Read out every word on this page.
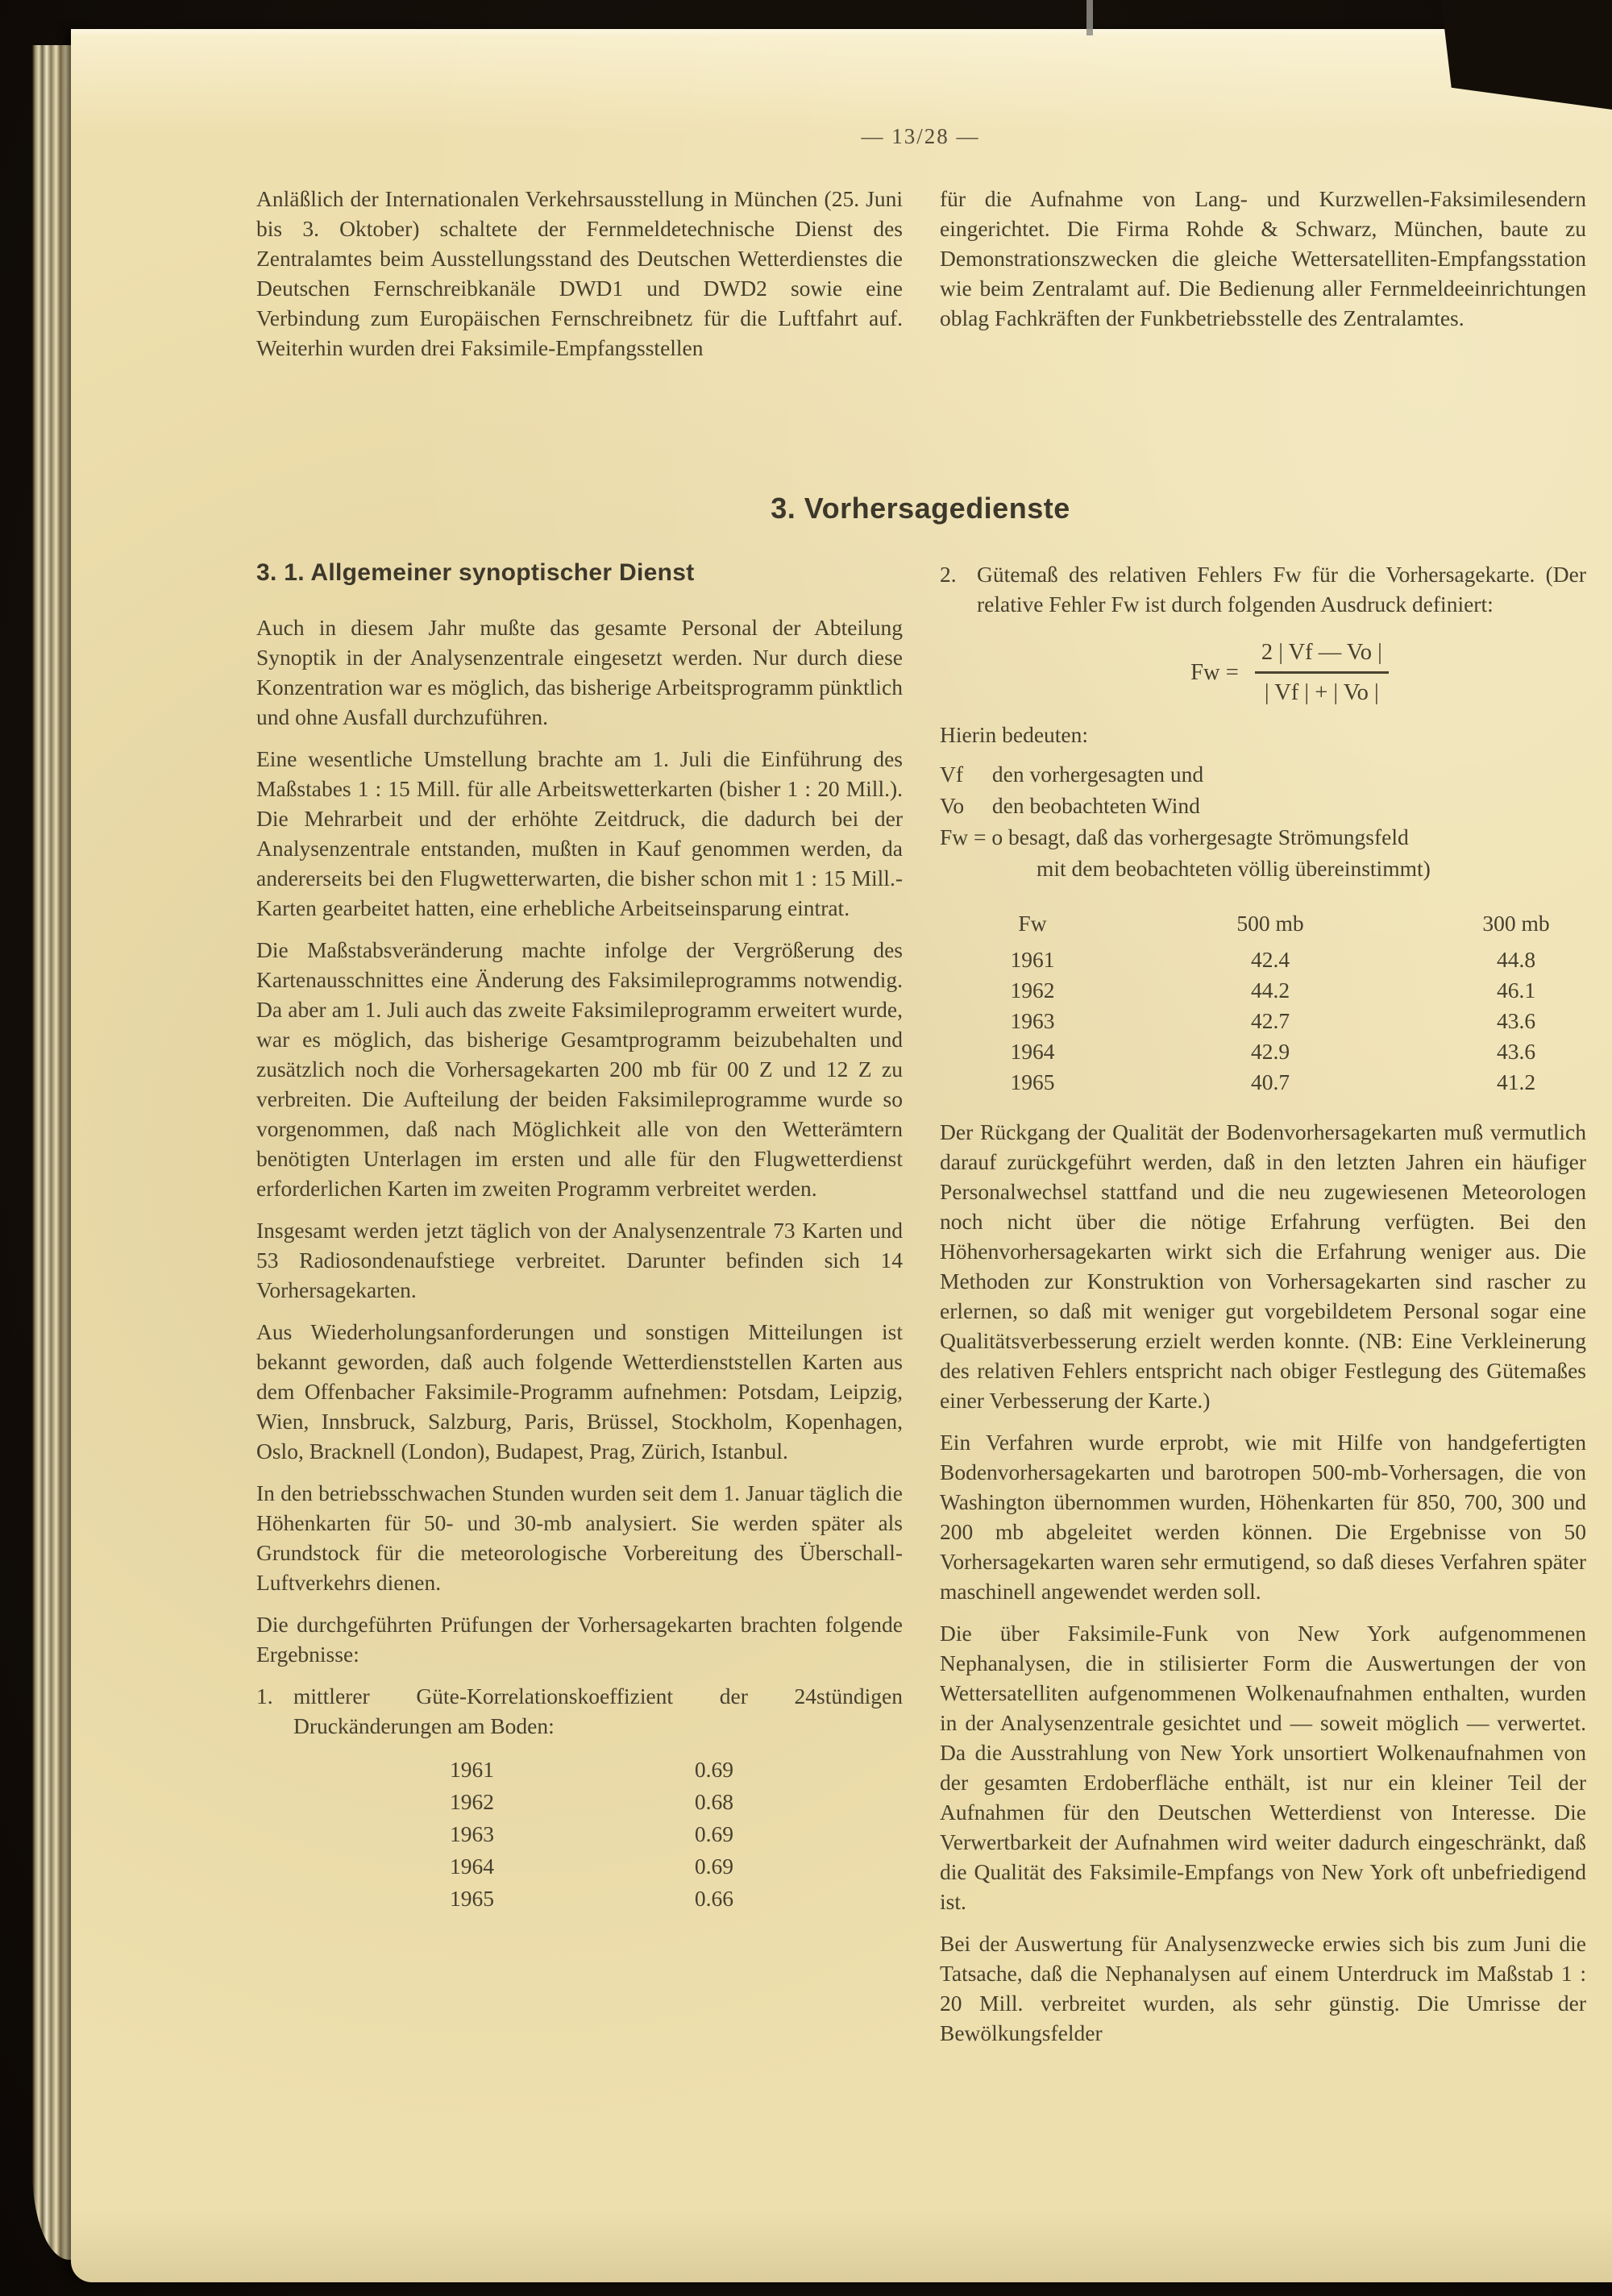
— 13/28 —

Anläßlich der Internationalen Verkehrsausstellung in München (25. Juni bis 3. Oktober) schaltete der Fernmeldetechnische Dienst des Zentralamtes beim Ausstellungsstand des Deutschen Wetterdienstes die Deutschen Fernschreibkanäle DWD1 und DWD2 sowie eine Verbindung zum Europäischen Fernschreibnetz für die Luftfahrt auf. Weiterhin wurden drei Faksimile-Empfangsstellen

für die Aufnahme von Lang- und Kurzwellen-Faksimilesendern eingerichtet. Die Firma Rohde & Schwarz, München, baute zu Demonstrationszwecken die gleiche Wettersatelliten-Empfangsstation wie beim Zentralamt auf. Die Bedienung aller Fernmeldeeinrichtungen oblag Fachkräften der Funkbetriebsstelle des Zentralamtes.

3. Vorhersagedienste
3. 1. Allgemeiner synoptischer Dienst

Auch in diesem Jahr mußte das gesamte Personal der Abteilung Synoptik in der Analysenzentrale eingesetzt werden. Nur durch diese Konzentration war es möglich, das bisherige Arbeitsprogramm pünktlich und ohne Ausfall durchzuführen.

Eine wesentliche Umstellung brachte am 1. Juli die Einführung des Maßstabes 1 : 15 Mill. für alle Arbeitswetterkarten (bisher 1 : 20 Mill.). Die Mehrarbeit und der erhöhte Zeitdruck, die dadurch bei der Analysenzentrale entstanden, mußten in Kauf genommen werden, da andererseits bei den Flugwetterwarten, die bisher schon mit 1 : 15 Mill.-Karten gearbeitet hatten, eine erhebliche Arbeitseinsparung eintrat.

Die Maßstabsveränderung machte infolge der Vergrößerung des Kartenausschnittes eine Änderung des Faksimileprogramms notwendig. Da aber am 1. Juli auch das zweite Faksimileprogramm erweitert wurde, war es möglich, das bisherige Gesamtprogramm beizubehalten und zusätzlich noch die Vorhersagekarten 200 mb für 00 Z und 12 Z zu verbreiten. Die Aufteilung der beiden Faksimileprogramme wurde so vorgenommen, daß nach Möglichkeit alle von den Wetterämtern benötigten Unterlagen im ersten und alle für den Flugwetterdienst erforderlichen Karten im zweiten Programm verbreitet werden.

Insgesamt werden jetzt täglich von der Analysenzentrale 73 Karten und 53 Radiosondenaufstiege verbreitet. Darunter befinden sich 14 Vorhersagekarten.

Aus Wiederholungsanforderungen und sonstigen Mitteilungen ist bekannt geworden, daß auch folgende Wetterdienststellen Karten aus dem Offenbacher Faksimile-Programm aufnehmen: Potsdam, Leipzig, Wien, Innsbruck, Salzburg, Paris, Brüssel, Stockholm, Kopenhagen, Oslo, Bracknell (London), Budapest, Prag, Zürich, Istanbul.

In den betriebsschwachen Stunden wurden seit dem 1. Januar täglich die Höhenkarten für 50- und 30-mb analysiert. Sie werden später als Grundstock für die meteorologische Vorbereitung des Überschall-Luftverkehrs dienen.

Die durchgeführten Prüfungen der Vorhersagekarten brachten folgende Ergebnisse:

1. mittlerer Güte-Korrelationskoeffizient der 24stündigen Druckänderungen am Boden:
1961	0.69
1962	0.68
1963	0.69
1964	0.69
1965	0.66
2. Gütemaß des relativen Fehlers Fw für die Vorhersagekarte. (Der relative Fehler Fw ist durch folgenden Ausdruck definiert:
$Fw = \frac{2 | Vf — Vo |}{| Vf | + | Vo |}$

Hierin bedeuten:

Vf den vorhergesagten und

Vo den beobachteten Wind

Fw = o besagt, daß das vorhergesagte Strömungsfeld

mit dem beobachteten völlig übereinstimmt)

Fw	500 mb	300 mb
1961	42.4	44.8
1962	44.2	46.1
1963	42.7	43.6
1964	42.9	43.6
1965	40.7	41.2

Der Rückgang der Qualität der Bodenvorhersagekarten muß vermutlich darauf zurückgeführt werden, daß in den letzten Jahren ein häufiger Personalwechsel stattfand und die neu zugewiesenen Meteorologen noch nicht über die nötige Erfahrung verfügten. Bei den Höhenvorhersagekarten wirkt sich die Erfahrung weniger aus. Die Methoden zur Konstruktion von Vorhersagekarten sind rascher zu erlernen, so daß mit weniger gut vorgebildetem Personal sogar eine Qualitätsverbesserung erzielt werden konnte. (NB: Eine Verkleinerung des relativen Fehlers entspricht nach obiger Festlegung des Gütemaßes einer Verbesserung der Karte.)

Ein Verfahren wurde erprobt, wie mit Hilfe von handgefertigten Bodenvorhersagekarten und barotropen 500-mb-Vorhersagen, die von Washington übernommen wurden, Höhenkarten für 850, 700, 300 und 200 mb abgeleitet werden können. Die Ergebnisse von 50 Vorhersagekarten waren sehr ermutigend, so daß dieses Verfahren später maschinell angewendet werden soll.

Die über Faksimile-Funk von New York aufgenommenen Nephanalysen, die in stilisierter Form die Auswertungen der von Wettersatelliten aufgenommenen Wolkenaufnahmen enthalten, wurden in der Analysenzentrale gesichtet und — soweit möglich — verwertet. Da die Ausstrahlung von New York unsortiert Wolkenaufnahmen von der gesamten Erdoberfläche enthält, ist nur ein kleiner Teil der Aufnahmen für den Deutschen Wetterdienst von Interesse. Die Verwertbarkeit der Aufnahmen wird weiter dadurch eingeschränkt, daß die Qualität des Faksimile-Empfangs von New York oft unbefriedigend ist.

Bei der Auswertung für Analysenzwecke erwies sich bis zum Juni die Tatsache, daß die Nephanalysen auf einem Unterdruck im Maßstab 1 : 20 Mill. verbreitet wurden, als sehr günstig. Die Umrisse der Bewölkungsfelder
